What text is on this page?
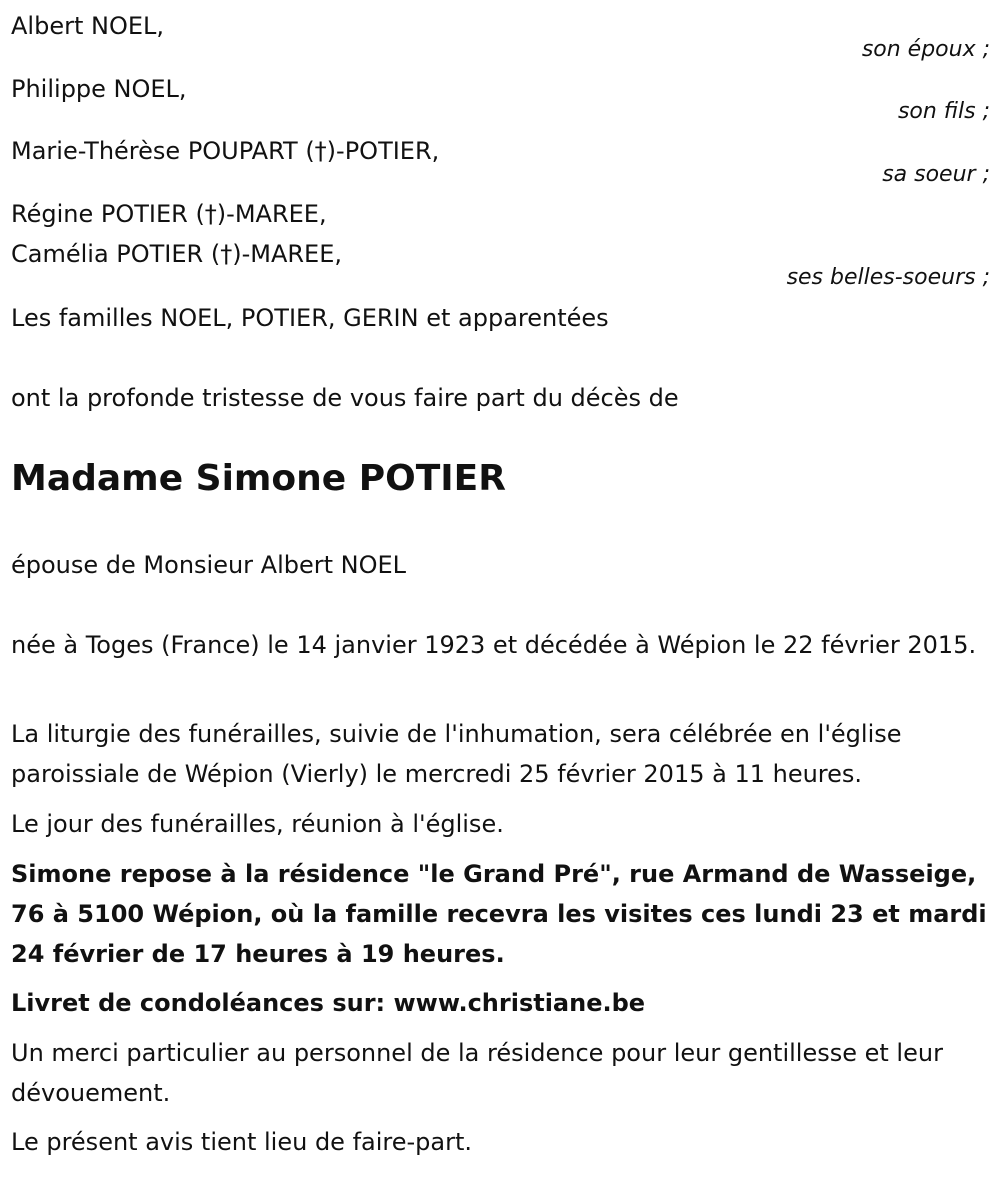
Albert NOEL,

son époux ;

Philippe NOEL,

son fils ;

Marie-Thérèse POUPART (†)-POTIER,

sa soeur ;

Régine POTIER (†)-MAREE,

Camélia POTIER (†)-MAREE,

ses belles-soeurs ;

Les familles NOEL, POTIER, GERIN et apparentées

ont la profonde tristesse de vous faire part du décès de

Madame Simone POTIER

épouse de Monsieur Albert NOEL

née à Toges (France) le 14 janvier 1923 et décédée à Wépion le 22 février 2015.

La liturgie des funérailles, suivie de l'inhumation, sera célébrée en l'église paroissiale de Wépion (Vierly) le mercredi 25 février 2015 à 11 heures.

Le jour des funérailles, réunion à l'église.

Simone repose à la résidence "le Grand Pré", rue Armand de Wasseige, 76 à 5100 Wépion, où la famille recevra les visites ces lundi 23 et mardi 24 février de 17 heures à 19 heures.

Livret de condoléances sur: www.christiane.be

Un merci particulier au personnel de la résidence pour leur gentillesse et leur dévouement.

Le présent avis tient lieu de faire-part.
